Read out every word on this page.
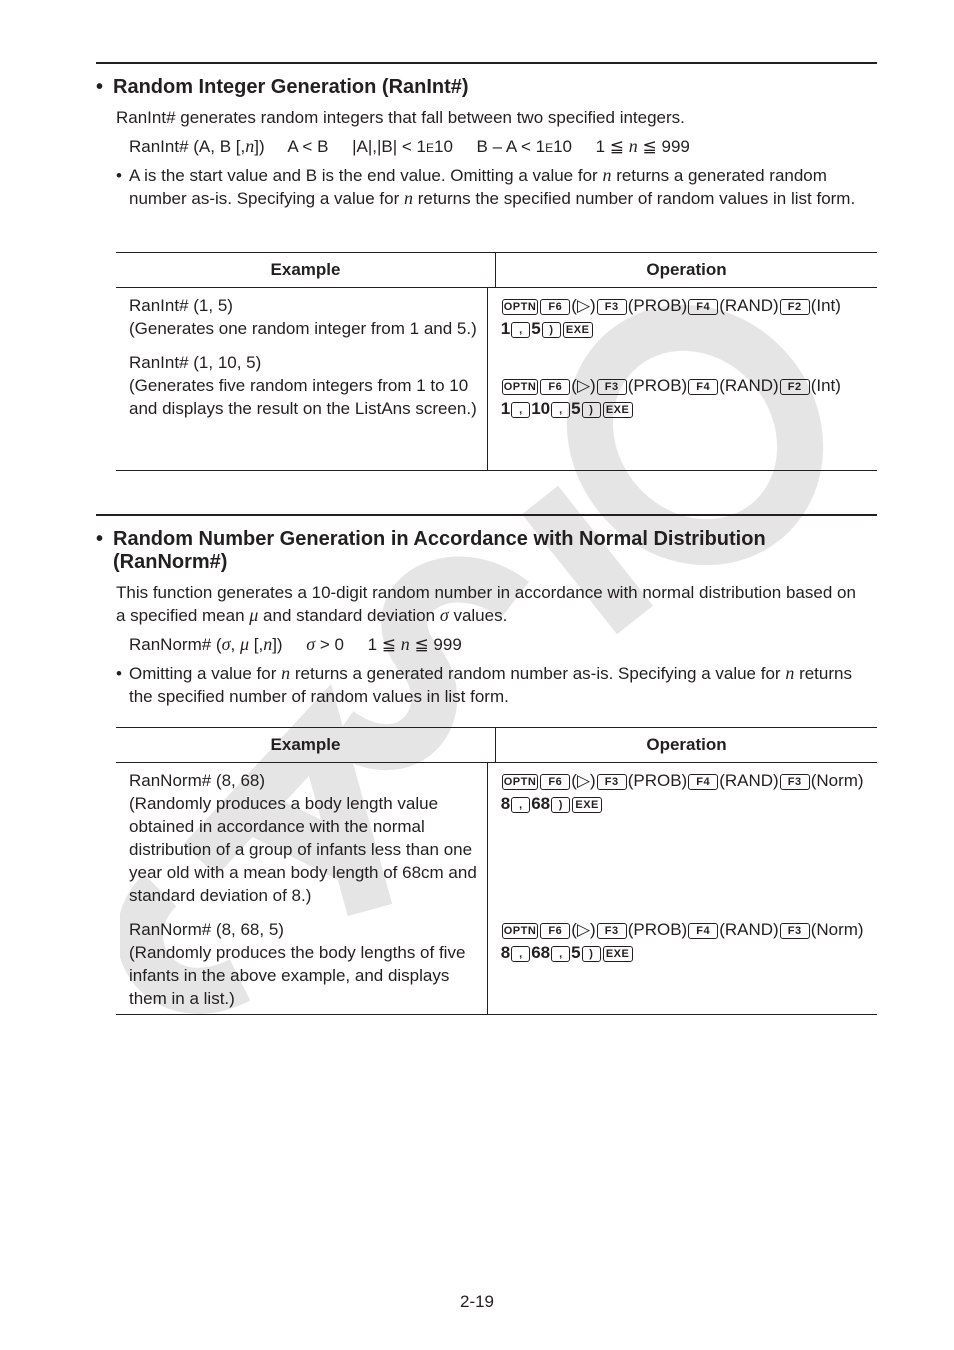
• Random Integer Generation (RanInt#)
RanInt# generates random integers that fall between two specified integers.
RanInt# (A, B [,n]) A < B |A|,|B| < 1E10 B – A < 1E10 1 ≦ n ≦ 999
• A is the start value and B is the end value. Omitting a value for n returns a generated random number as-is. Specifying a value for n returns the specified number of random values in list form.
Example	Operation
RanInt# (1, 5)
(Generates one random integer from 1 and 5.)
RanInt# (1, 10, 5)
(Generates five random integers from 1 to 10 and displays the result on the ListAns screen.)
OPTN F6 (▷) F3 (PROB) F4 (RAND) F2 (Int)
1 , 5 ) EXE
OPTN F6 (▷) F3 (PROB) F4 (RAND) F2 (Int)
1 , 10 , 5 ) EXE
• Random Number Generation in Accordance with Normal Distribution
(RanNorm#)
This function generates a 10-digit random number in accordance with normal distribution based on a specified mean μ and standard deviation σ values.
RanNorm# (σ, μ [,n]) σ > 0 1 ≦ n ≦ 999
• Omitting a value for n returns a generated random number as-is. Specifying a value for n returns the specified number of random values in list form.
Example	Operation
RanNorm# (8, 68)
(Randomly produces a body length value obtained in accordance with the normal distribution of a group of infants less than one year old with a mean body length of 68cm and standard deviation of 8.)
RanNorm# (8, 68, 5)
(Randomly produces the body lengths of five infants in the above example, and displays them in a list.)
OPTN F6 (▷) F3 (PROB) F4 (RAND) F3 (Norm)
8 , 68 ) EXE
OPTN F6 (▷) F3 (PROB) F4 (RAND) F3 (Norm)
8 , 68 , 5 ) EXE
2-19
